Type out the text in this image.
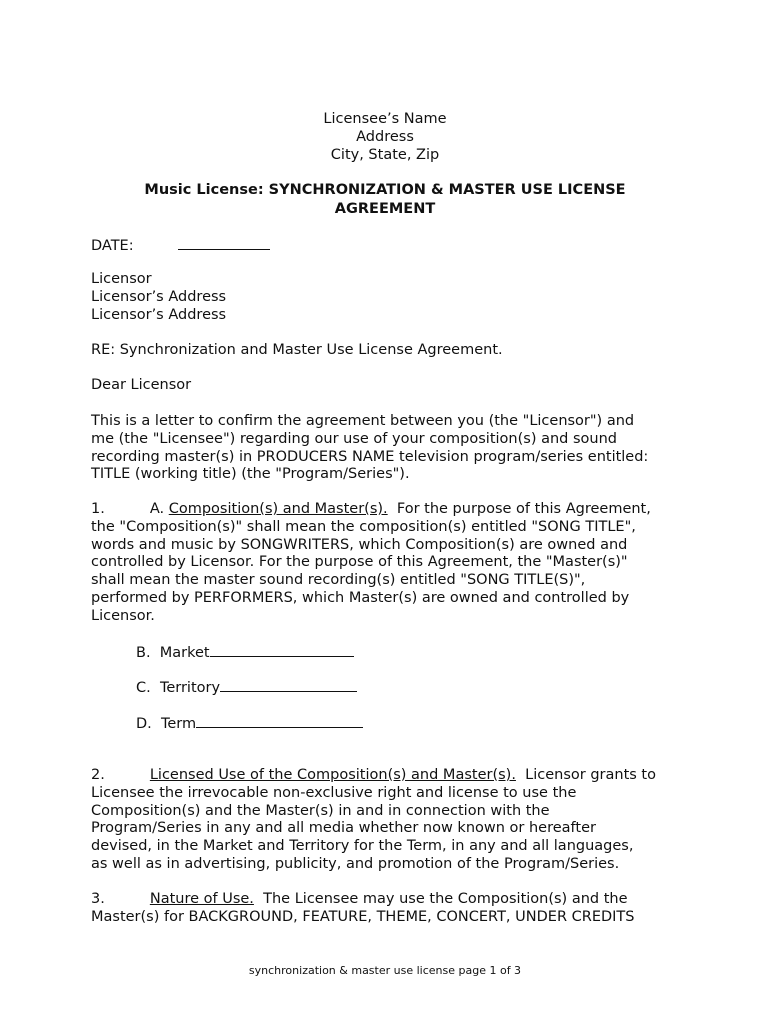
Licensee’s Name
Address
City, State, Zip
Music License: SYNCHRONIZATION & MASTER USE LICENSE
AGREEMENT
DATE:
Licensor
Licensor’s Address
Licensor’s Address
RE: Synchronization and Master Use License Agreement.
Dear Licensor
This is a letter to confirm the agreement between you (the "Licensor") and
me (the "Licensee") regarding our use of your composition(s) and sound
recording master(s) in PRODUCERS NAME television program/series entitled:
TITLE (working title) (the "Program/Series").
1.	A. Composition(s) and Master(s).  For the purpose of this Agreement,
the "Composition(s)" shall mean the composition(s) entitled "SONG TITLE",
words and music by SONGWRITERS, which Composition(s) are owned and
controlled by Licensor. For the purpose of this Agreement, the "Master(s)"
shall mean the master sound recording(s) entitled "SONG TITLE(S)",
performed by PERFORMERS, which Master(s) are owned and controlled by
Licensor.
B.  Market
C.  Territory
D.  Term
2.	Licensed Use of the Composition(s) and Master(s).  Licensor grants to
Licensee the irrevocable non-exclusive right and license to use the
Composition(s) and the Master(s) in and in connection with the
Program/Series in any and all media whether now known or hereafter
devised, in the Market and Territory for the Term, in any and all languages,
as well as in advertising, publicity, and promotion of the Program/Series.
3.	Nature of Use.  The Licensee may use the Composition(s) and the
Master(s) for BACKGROUND, FEATURE, THEME, CONCERT, UNDER CREDITS
synchronization & master use license page 1 of 3
